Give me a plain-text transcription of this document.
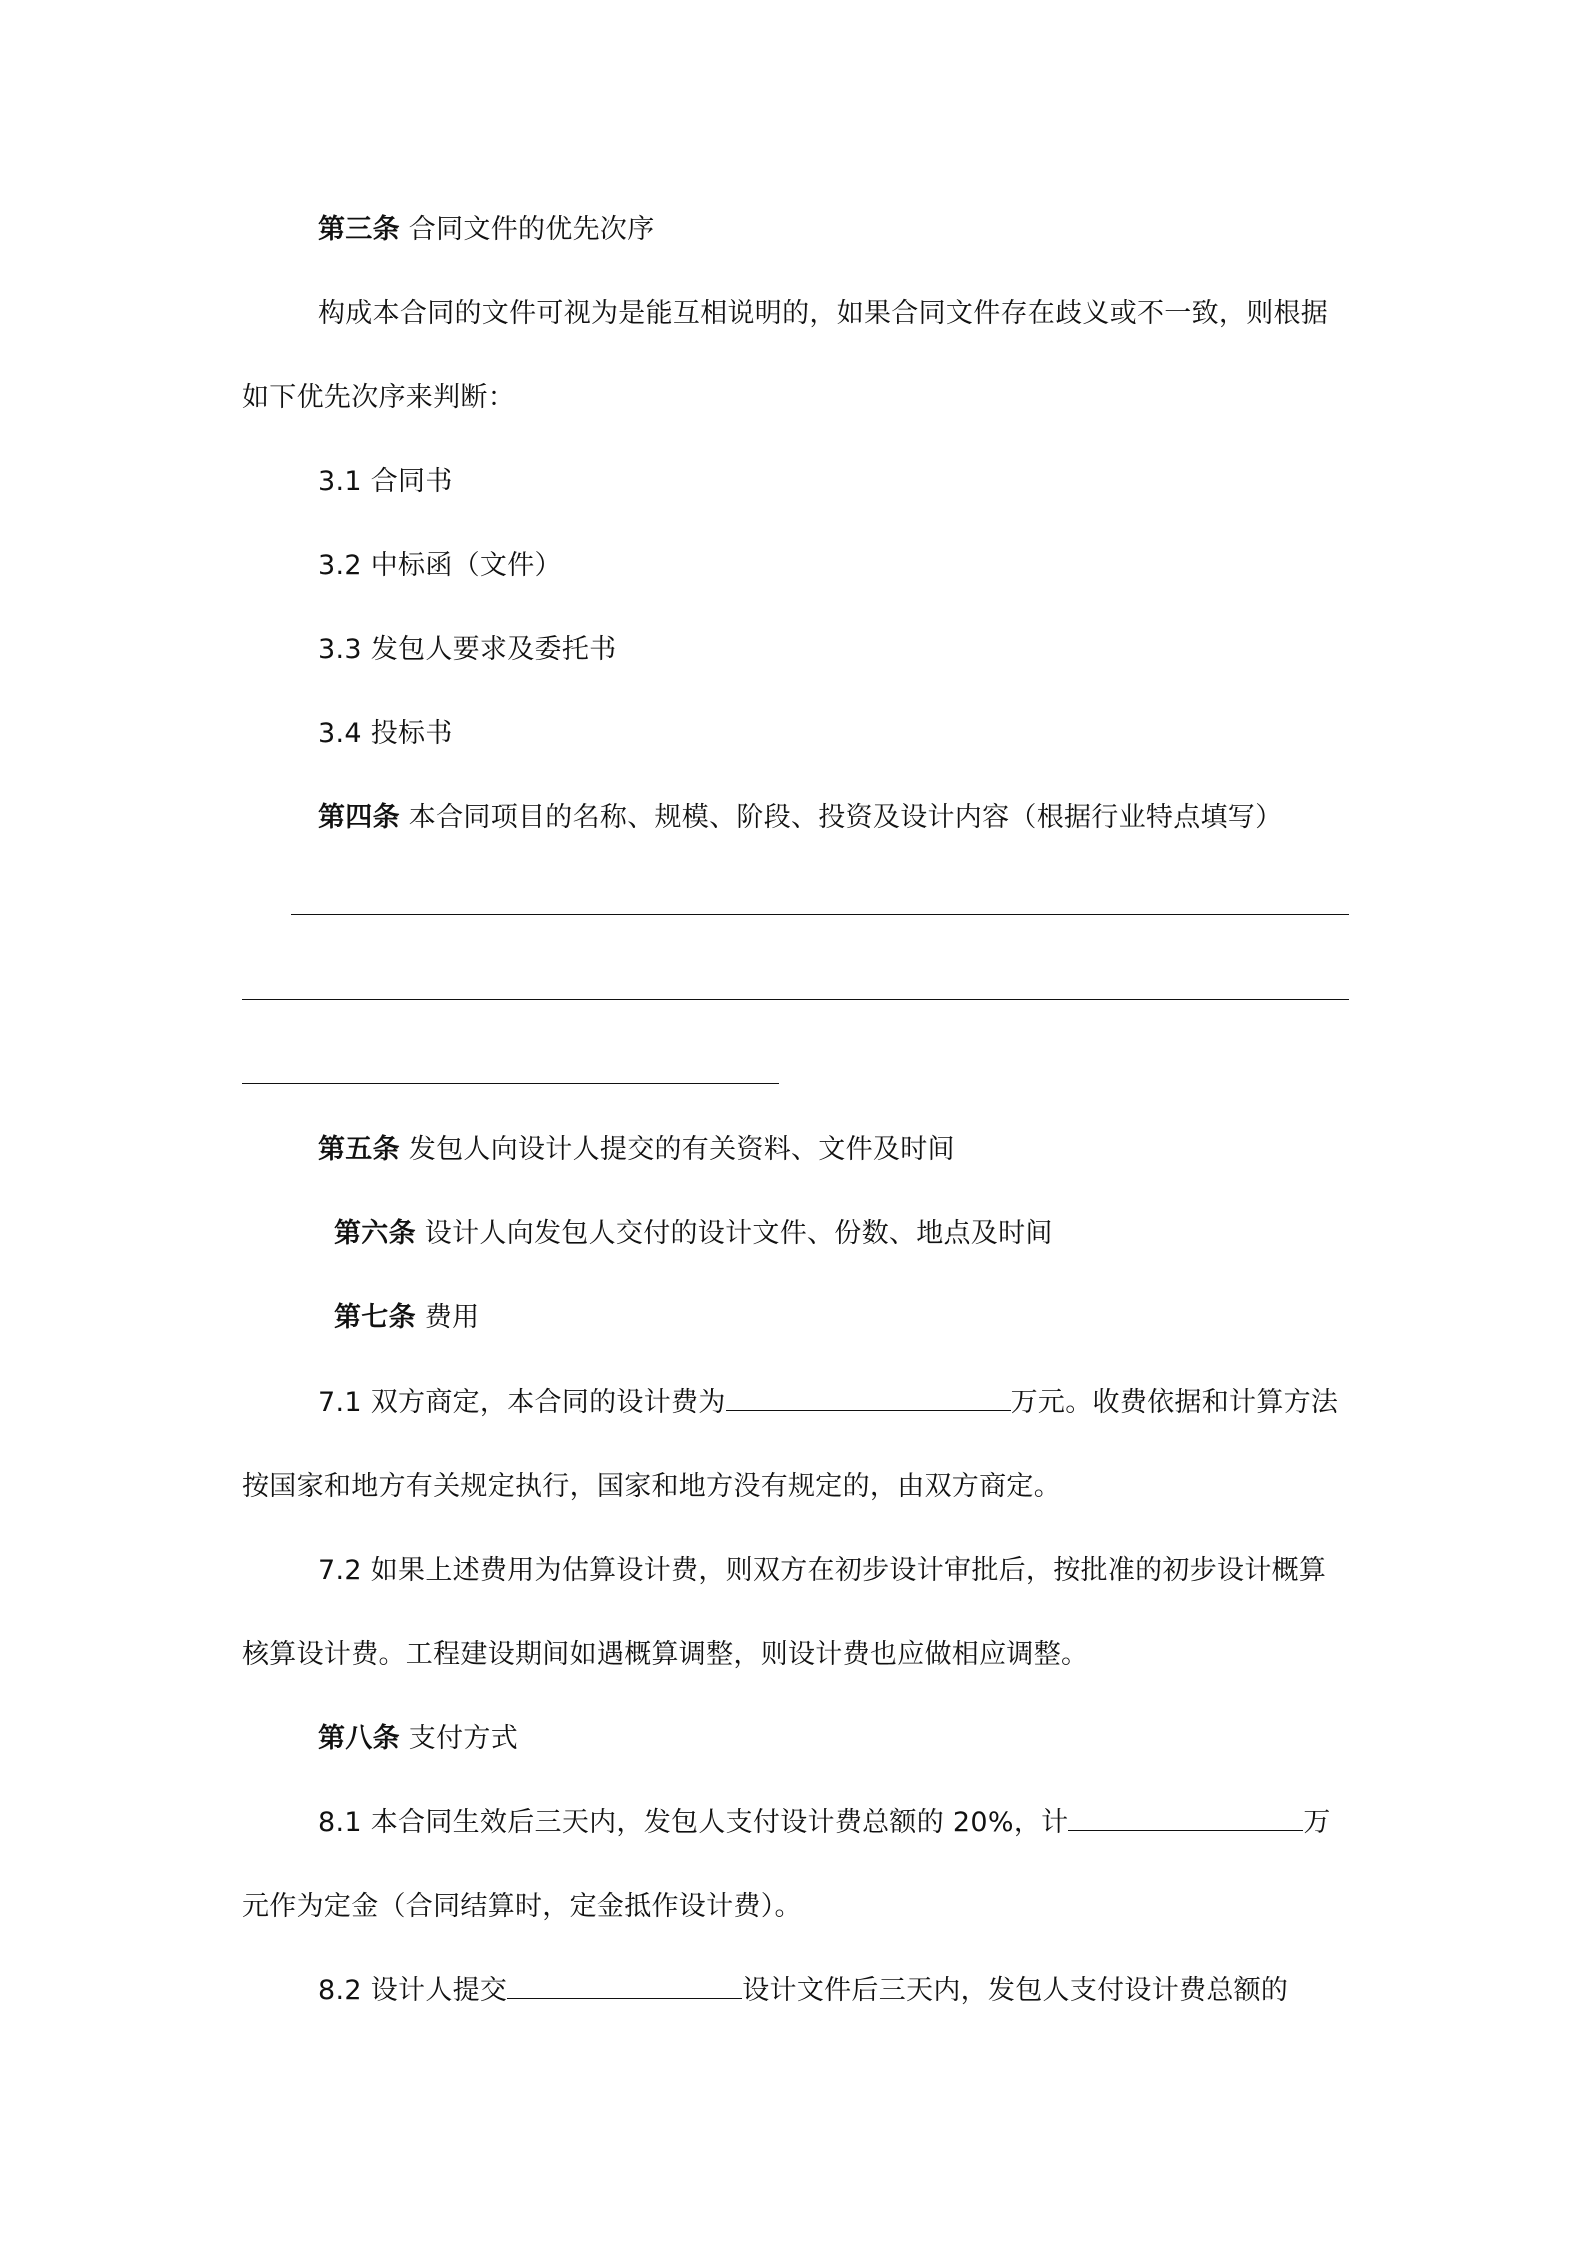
第三条 合同文件的优先次序
构成本合同的文件可视为是能互相说明的，如果合同文件存在歧义或不一致，则根据
如下优先次序来判断：
3.1 合同书
3.2 中标函（文件）
3.3 发包人要求及委托书
3.4 投标书
第四条 本合同项目的名称、规模、阶段、投资及设计内容（根据行业特点填写）
第五条 发包人向设计人提交的有关资料、文件及时间
第六条 设计人向发包人交付的设计文件、份数、地点及时间
第七条 费用
7.1 双方商定，本合同的设计费为	万元。收费依据和计算方法
按国家和地方有关规定执行，国家和地方没有规定的，由双方商定。
7.2 如果上述费用为估算设计费，则双方在初步设计审批后，按批准的初步设计概算
核算设计费。工程建设期间如遇概算调整，则设计费也应做相应调整。
第八条 支付方式
8.1 本合同生效后三天内，发包人支付设计费总额的 20%，计	万
元作为定金（合同结算时，定金抵作设计费）。
8.2 设计人提交	设计文件后三天内，发包人支付设计费总额的
